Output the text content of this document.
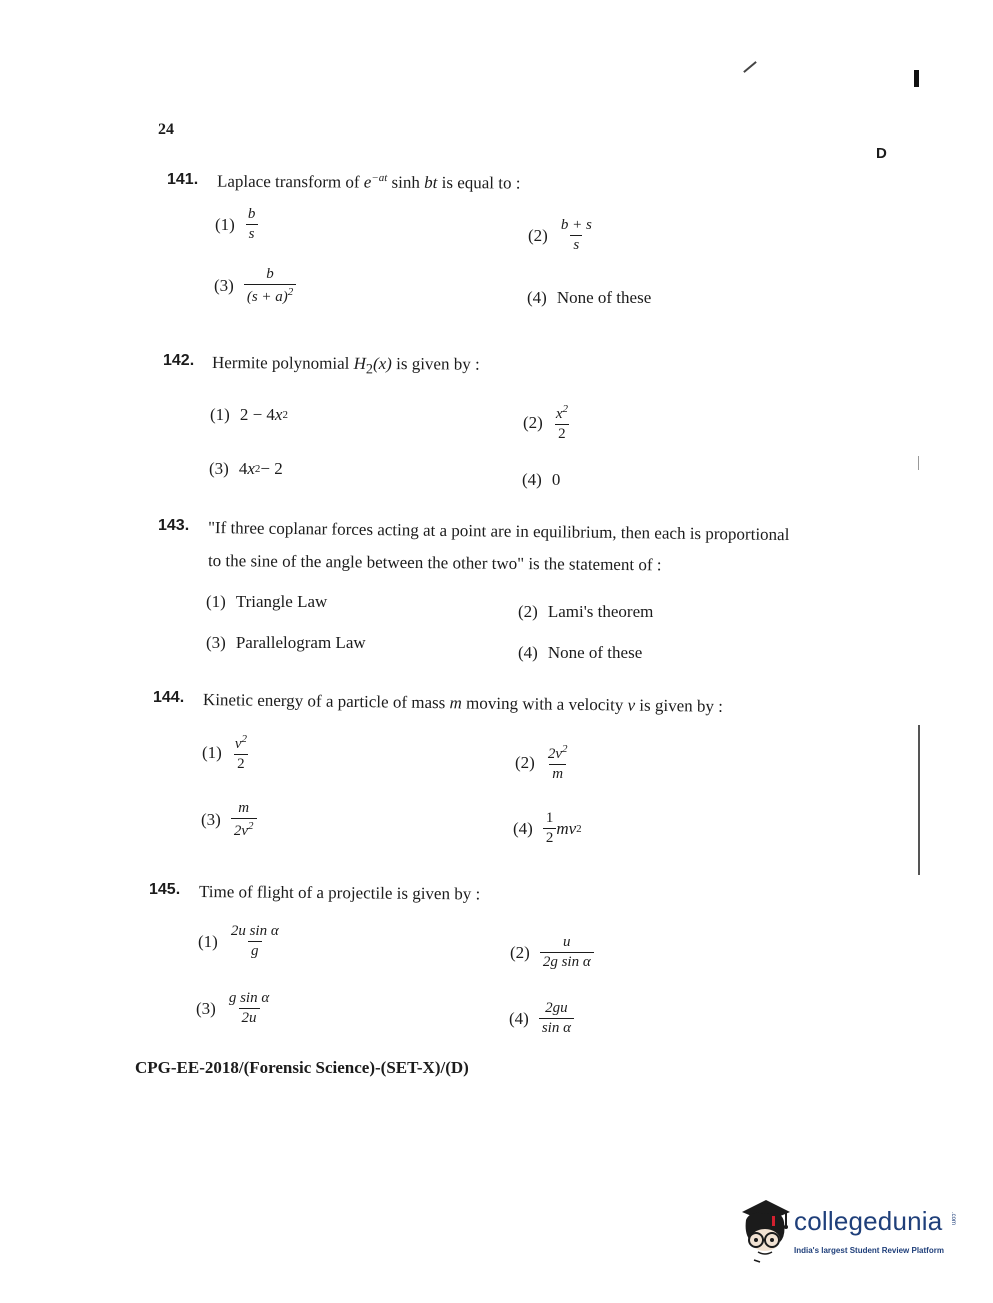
24
D
141. Laplace transform of $e^{-at}$ sinh bt is equal to :
$(1) \frac{b}{s}$	$(2) \frac{b + s}{s}$
$(3) \frac{b}{(s + a)^2}$	(4) None of these
142. Hermite polynomial $H_2(x)$ is given by :
(1) 2 − 4 x 2	$(2) \frac{x^2}{2}$
(3) 4 x 2 − 2
(4) 0
143. "If three coplanar forces acting at a point are in equilibrium, then each is proportional
to the sine of the angle between the other two" is the statement of :
(1) Triangle Law
(2) Lami's theorem
(3) Parallelogram Law
(4) None of these
144. Kinetic energy of a particle of mass m moving with a velocity v is given by :
$(1) \frac{v^2}{2}$	$(2) \frac{2v^2}{m}$
$(3) \frac{m}{2v^2}$	$(4) \frac{1}{2}$ mv 2
145. Time of flight of a projectile is given by :
$(1) \frac{\text{2u sin α}}{g}$	$(2) \frac{u}{\text{2g sin α}}$
$(3) \frac{\text{g sin α}}{2u}$	$(4) \frac{2gu}{\text{sin α}}$
CPG-EE-2018/(Forensic Science)-(SET-X)/(D)
collegedunia .com
India's largest Student Review Platform
